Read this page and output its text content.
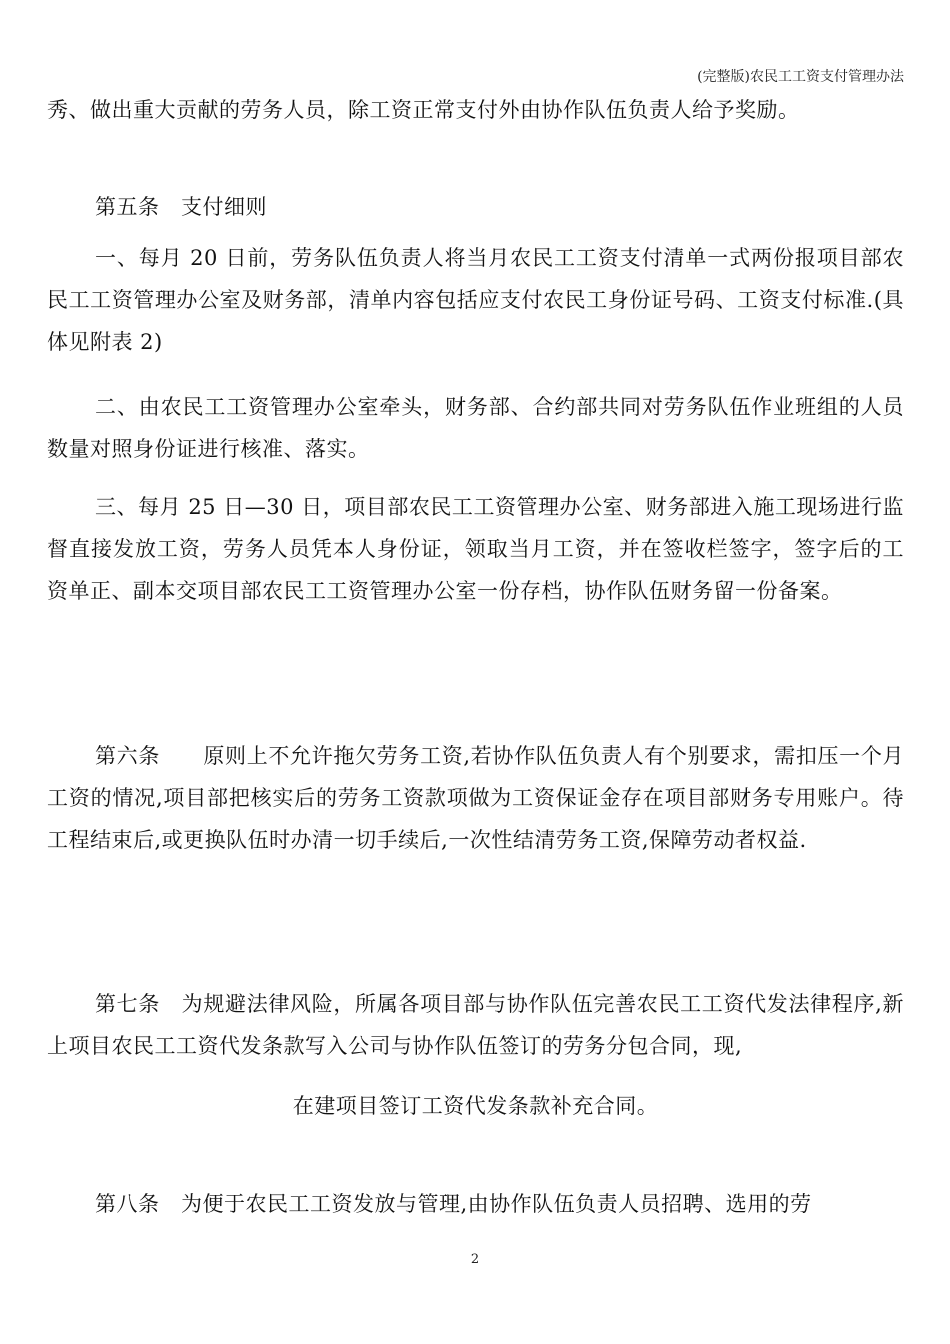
(完整版)农民工工资支付管理办法

秀、做出重大贡献的劳务人员，除工资正常支付外由协作队伍负责人给予奖励。

第五条　支付细则

一、每月 20 日前，劳务队伍负责人将当月农民工工资支付清单一式两份报项目部农民工工资管理办公室及财务部，清单内容包括应支付农民工身份证号码、工资支付标准.(具体见附表 2)

二、由农民工工资管理办公室牵头，财务部、合约部共同对劳务队伍作业班组的人员数量对照身份证进行核准、落实。

三、每月 25 日—30 日，项目部农民工工资管理办公室、财务部进入施工现场进行监督直接发放工资，劳务人员凭本人身份证，领取当月工资，并在签收栏签字，签字后的工资单正、副本交项目部农民工工资管理办公室一份存档，协作队伍财务留一份备案。

第六条　　原则上不允许拖欠劳务工资,若协作队伍负责人有个别要求，需扣压一个月工资的情况,项目部把核实后的劳务工资款项做为工资保证金存在项目部财务专用账户。待工程结束后,或更换队伍时办清一切手续后,一次性结清劳务工资,保障劳动者权益.

第七条　为规避法律风险，所属各项目部与协作队伍完善农民工工资代发法律程序,新上项目农民工工资代发条款写入公司与协作队伍签订的劳务分包合同，现,

在建项目签订工资代发条款补充合同。

第八条　为便于农民工工资发放与管理,由协作队伍负责人员招聘、选用的劳

2
